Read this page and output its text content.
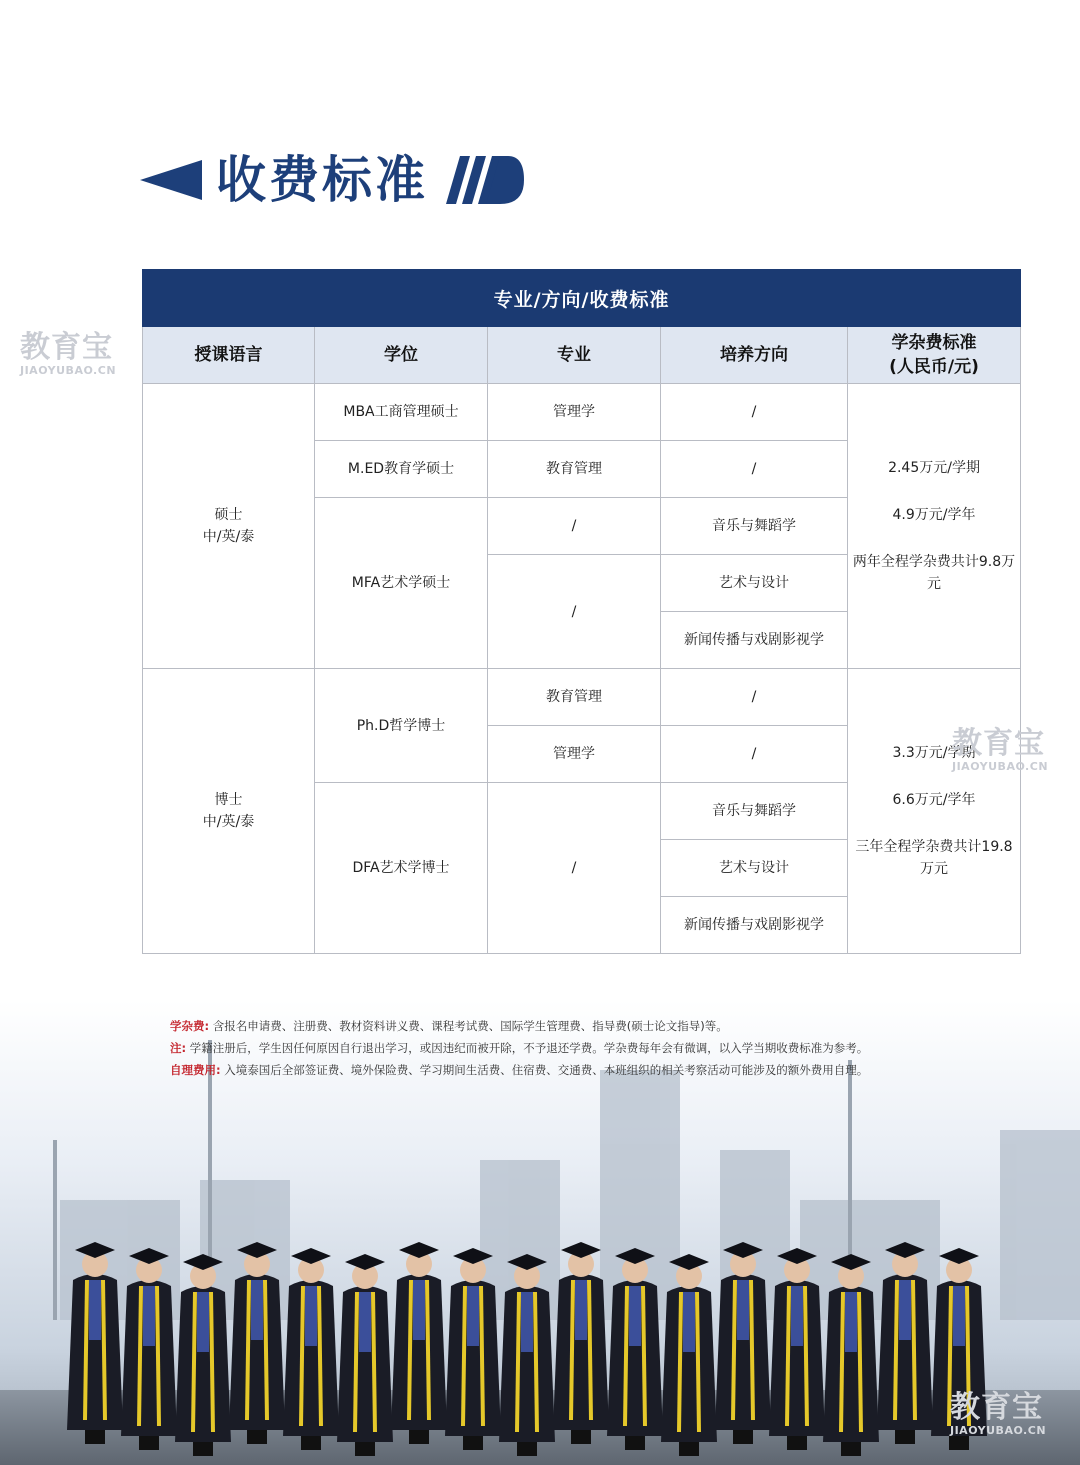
收费标准
教育宝
JIAOYUBAO.CN
专业/方向/收费标准				
授课语言	学位	专业	培养方向	学杂费标准
(人民币/元)
硕士
中/英/泰	MBA工商管理硕士	管理学	/	2.45万元/学期
4.9万元/学年
两年全程学杂费共计9.8万元
	M.ED教育学硕士	教育管理	/	
	MFA艺术学硕士	/	音乐与舞蹈学	
		/	艺术与设计	
			新闻传播与戏剧影视学	
博士
中/英/泰	Ph.D哲学博士	教育管理	/	3.3万元/学期
6.6万元/学年
三年全程学杂费共计19.8万元
		管理学	/	
	DFA艺术学博士	/	音乐与舞蹈学	
			艺术与设计	
			新闻传播与戏剧影视学	
教育宝
JIAOYUBAO.CN
教育宝
JIAOYUBAO.CN
学杂费: 含报名申请费、注册费、教材资料讲义费、课程考试费、国际学生管理费、指导费(硕士论文指导)等。
注: 学籍注册后，学生因任何原因自行退出学习，或因违纪而被开除，不予退还学费。学杂费每年会有微调，以入学当期收费标准为参考。
自理费用: 入境泰国后全部签证费、境外保险费、学习期间生活费、住宿费、交通费、本班组织的相关考察活动可能涉及的额外费用自理。
